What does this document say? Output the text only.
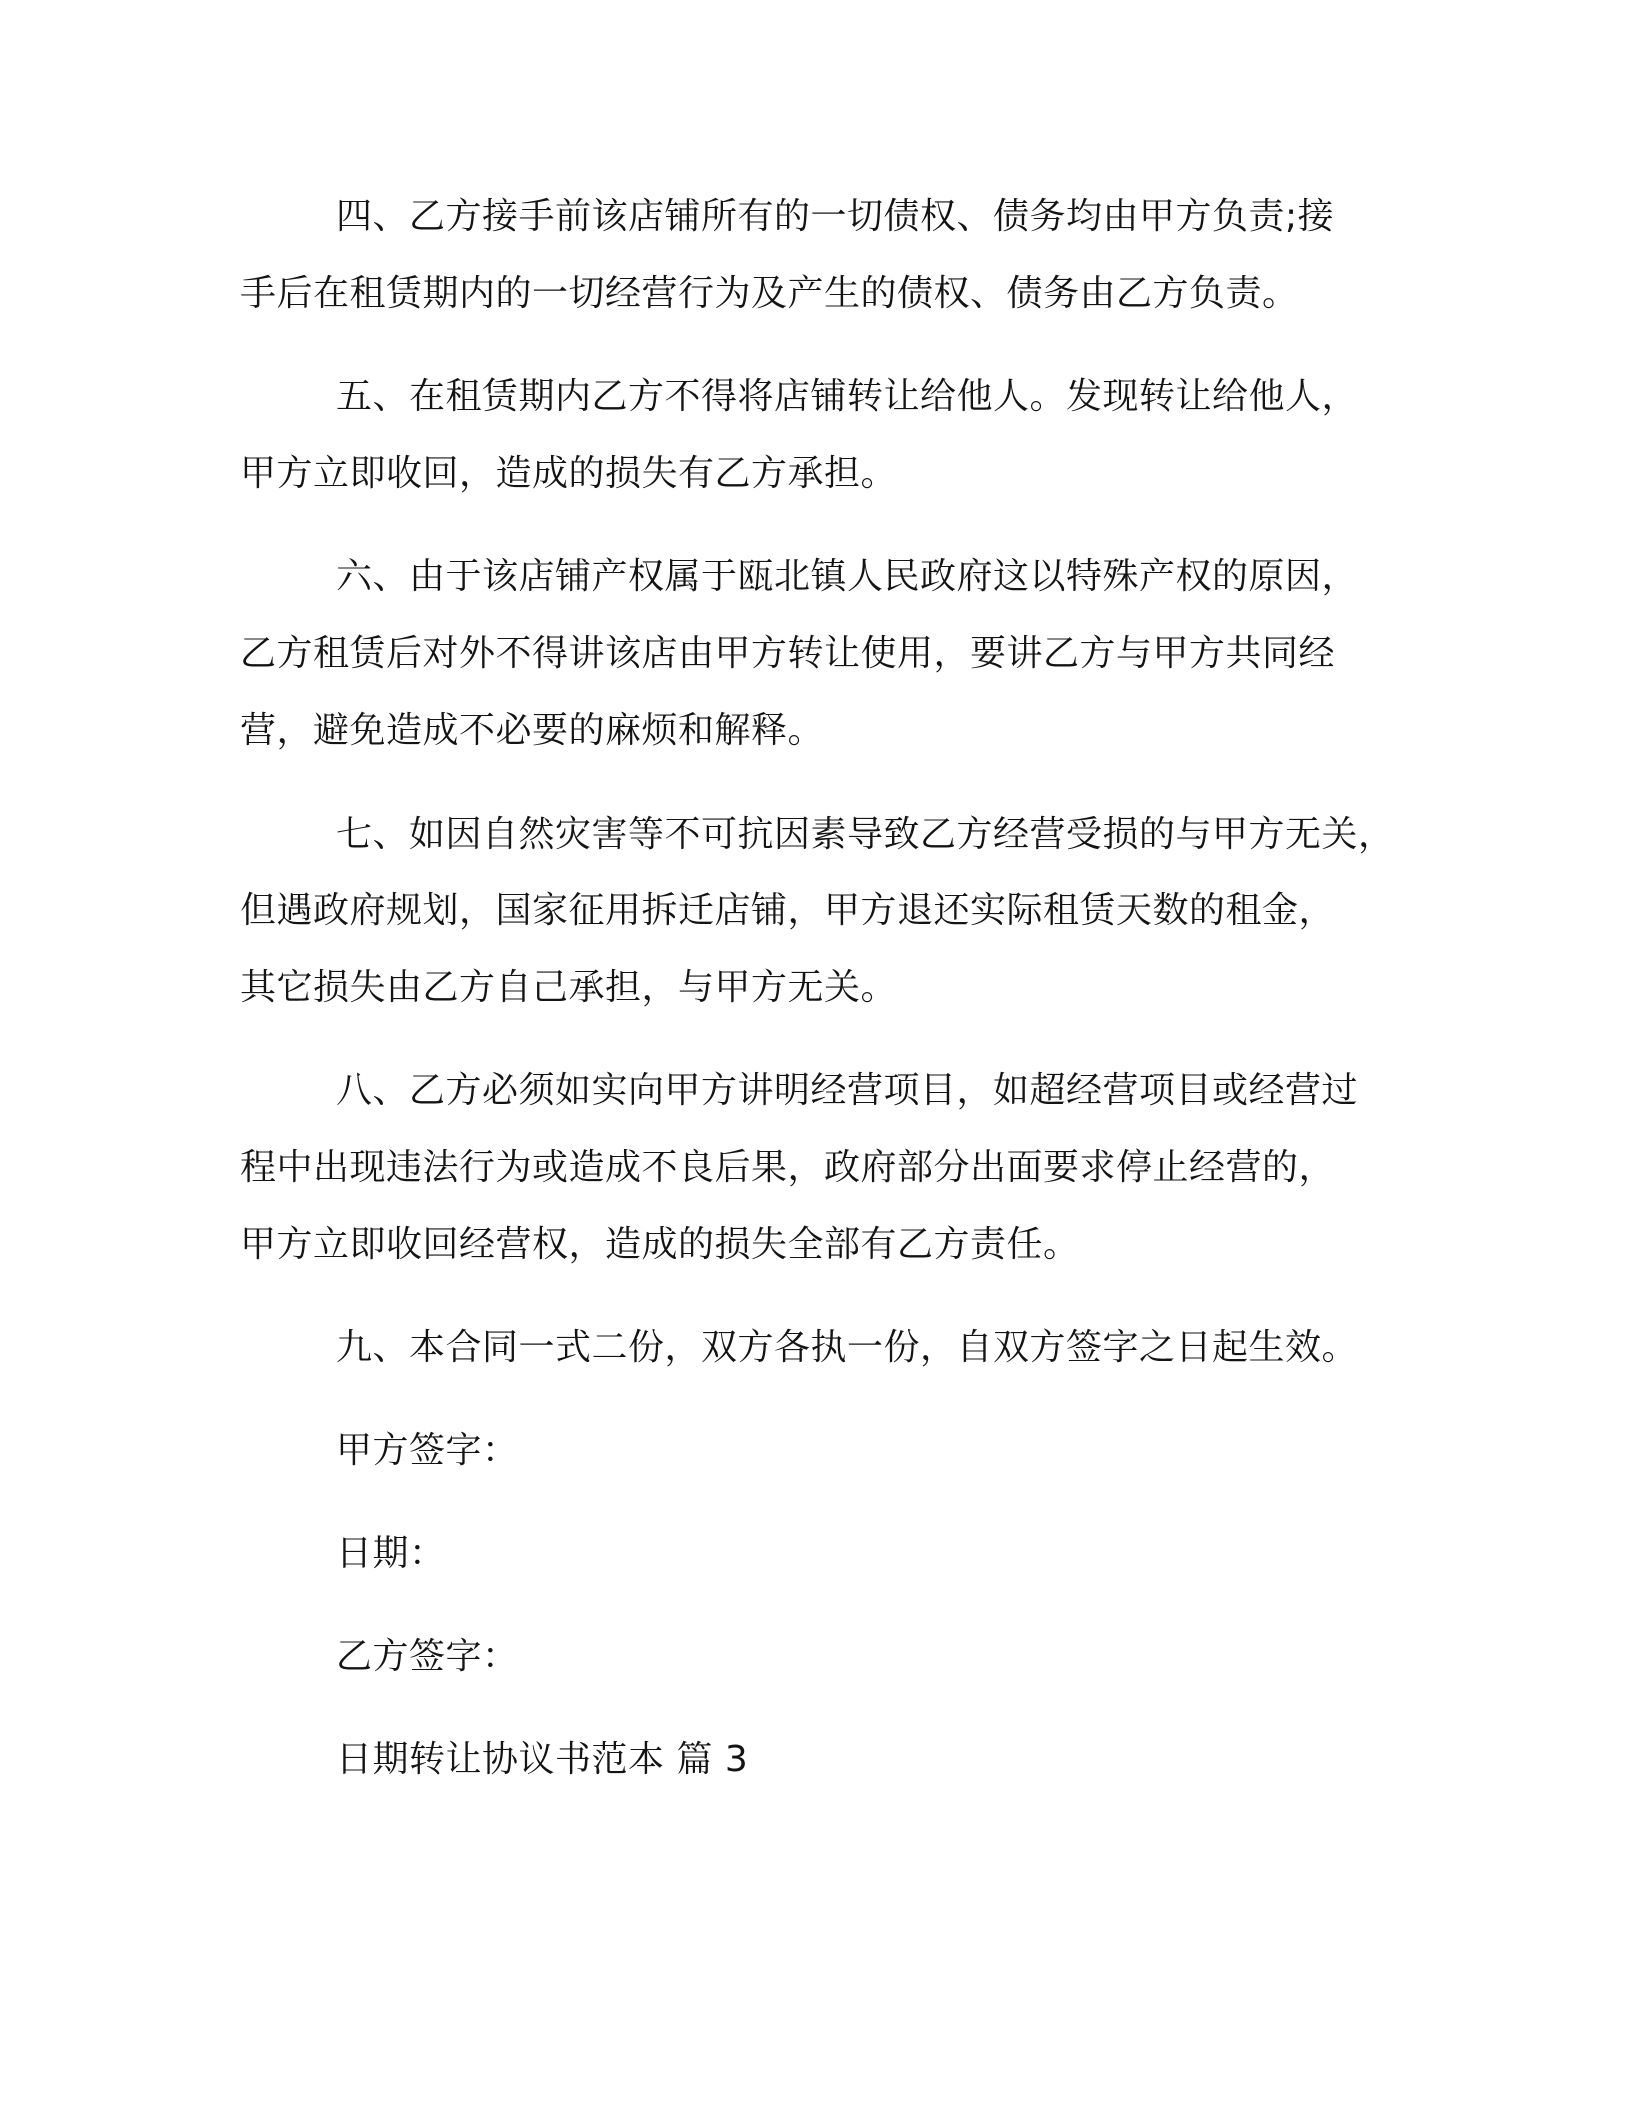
四、乙方接手前该店铺所有的一切债权、债务均由甲方负责;接

手后在租赁期内的一切经营行为及产生的债权、债务由乙方负责。

五、在租赁期内乙方不得将店铺转让给他人。发现转让给他人，

甲方立即收回，造成的损失有乙方承担。

六、由于该店铺产权属于瓯北镇人民政府这以特殊产权的原因，

乙方租赁后对外不得讲该店由甲方转让使用，要讲乙方与甲方共同经

营，避免造成不必要的麻烦和解释。

七、如因自然灾害等不可抗因素导致乙方经营受损的与甲方无关，

但遇政府规划，国家征用拆迁店铺，甲方退还实际租赁天数的租金，

其它损失由乙方自己承担，与甲方无关。

八、乙方必须如实向甲方讲明经营项目，如超经营项目或经营过

程中出现违法行为或造成不良后果，政府部分出面要求停止经营的，

甲方立即收回经营权，造成的损失全部有乙方责任。

九、本合同一式二份，双方各执一份，自双方签字之日起生效。

甲方签字：

日期：

乙方签字：

日期转让协议书范本 篇 3
